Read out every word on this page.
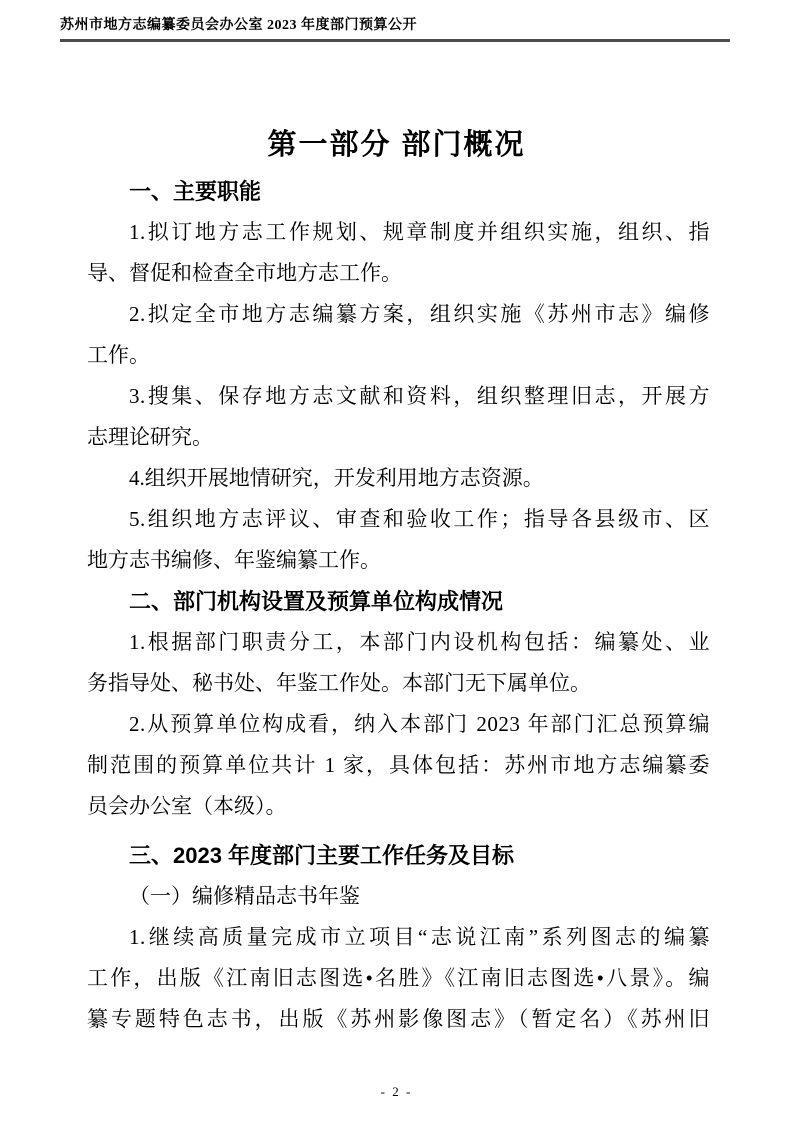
苏州市地方志编纂委员会办公室 2023 年度部门预算公开
第一部分 部门概况
一、主要职能
1.拟订地方志工作规划、规章制度并组织实施，组织、指
导、督促和检查全市地方志工作。
2.拟定全市地方志编纂方案，组织实施《苏州市志》编修
工作。
3.搜集、保存地方志文献和资料，组织整理旧志，开展方
志理论研究。
4.组织开展地情研究，开发利用地方志资源。
5.组织地方志评议、审查和验收工作；指导各县级市、区
地方志书编修、年鉴编纂工作。
二、部门机构设置及预算单位构成情况
1.根据部门职责分工，本部门内设机构包括：编纂处、业
务指导处、秘书处、年鉴工作处。本部门无下属单位。
2.从预算单位构成看，纳入本部门 2023 年部门汇总预算编
制范围的预算单位共计 1 家，具体包括：苏州市地方志编纂委
员会办公室（本级）。
三、2023 年度部门主要工作任务及目标
（一）编修精品志书年鉴
1.继续高质量完成市立项目“志说江南”系列图志的编纂
工作，出版《江南旧志图选•名胜》《江南旧志图选•八景》。编
纂专题特色志书，出版《苏州影像图志》（暂定名）《苏州旧
- 2 -
